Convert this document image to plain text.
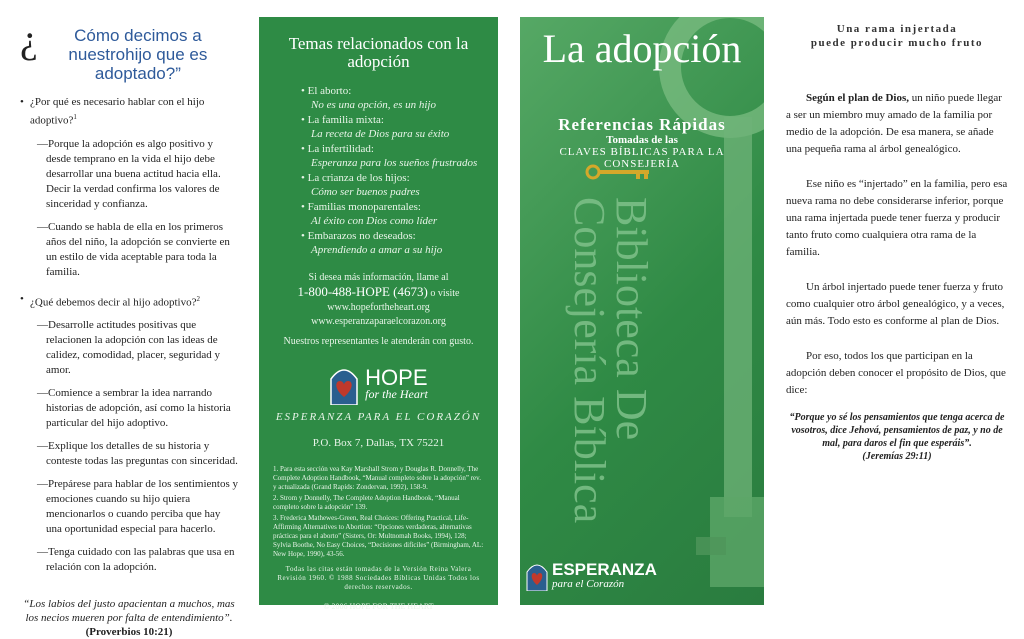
¿	Cómo decimos a nuestrohijo que es adoptado?”
• ¿Por qué es necesario hablar con el hijo adoptivo?$^1$
—Porque la adopción es algo positivo y desde temprano en la vida el hijo debe desarrollar una buena actitud hacia ella. Decir la verdad confirma los valores de sinceridad y confianza.
—Cuando se habla de ella en los primeros años del niño, la adopción se convierte en un estilo de vida aceptable para toda la familia.
• ¿Qué debemos decir al hijo adoptivo?$^2$
—Desarrolle actitudes positivas que relacionen la adopción con las ideas de calidez, comodidad, placer, seguridad y amor.
—Comience a sembrar la idea narrando historias de adopción, así como la historia particular del hijo adoptivo.
—Explique los detalles de su historia y conteste todas las preguntas con sinceridad.
—Prepárese para hablar de los sentimientos y emociones cuando su hijo quiera mencionarlos o cuando perciba que hay una oportunidad especial para hacerlo.
—Tenga cuidado con las palabras que usa en relación con la adopción.
“Los labios del justo apacientan a muchos, mas los necios mueren por falta de entendimiento”.
(Proverbios 10:21)
Temas relacionados con la adopción
• El aborto:
No es una opción, es un hijo
• La familia mixta:
La receta de Dios para su éxito
• La infertilidad:
Esperanza para los sueños frustrados
• La crianza de los hijos:
Cómo ser buenos padres
• Familias monoparentales:
Al éxito con Dios como líder
• Embarazos no deseados:
Aprendiendo a amar a su hijo
Si desea más información, llame al
1-800-488-HOPE (4673) o visite
www.hopefortheheart.org
www.esperanzaparaelcorazon.org
Nuestros representantes le atenderán con gusto.
HOPE
for the Heart
ESPERANZA PARA EL CORAZÓN
P.O. Box 7, Dallas, TX 75221

1. Para esta sección vea Kay Marshall Strom y Douglas R. Donnelly, The Complete Adoption Handbook, “Manual completo sobre la adopción” rev. y actualizada (Grand Rapids: Zondervan, 1992), 158-9.

2. Strom y Donnelly, The Complete Adoption Handbook, “Manual completo sobre la adopción” 139.

3. Frederica Mathewes-Green, Real Choices: Offering Practical, Life-Affirming Alternatives to Abortion: “Opciones verdaderas, alternativas prácticas para el aborto” (Sisters, Or: Multnomah Books, 1994), 128; Sylvia Boothe, No Easy Choices, “Decisiones difíciles” (Birmingham, AL: New Hope, 1990), 43-56.

Todas las citas están tomadas de la Versión Reina Valera Revisión 1960. © 1988 Sociedades Bíblicas Unidas Todos los derechos reservados.
© 2006 HOPE FOR THE HEART
La adopción
Referencias Rápidas
Tomadas de las
CLAVES BÍBLICAS PARA LA CONSEJERÍA
Biblioteca De Consejería Bíblica
ESPERANZA
para el Corazón
Una rama injertada
puede producir mucho fruto
Según el plan de Dios, un niño puede llegar a ser un miembro muy amado de la familia por medio de la adopción. De esa manera, se añade una pequeña rama al árbol genealógico.
Ese niño es “injertado” en la familia, pero esa nueva rama no debe considerarse inferior, porque una rama injertada puede tener fuerza y producir tanto fruto como cualquiera otra rama de la familia.
Un árbol injertado puede tener fuerza y fruto como cualquier otro árbol genealógico, y a veces, aún más. Todo esto es conforme al plan de Dios.
Por eso, todos los que participan en la adopción deben conocer el propósito de Dios, que dice:
“Porque yo sé los pensamientos que tenga acerca de vosotros, dice Jehová, pensamientos de paz, y no de mal, para daros el fin que esperáis”.
(Jeremías 29:11)
